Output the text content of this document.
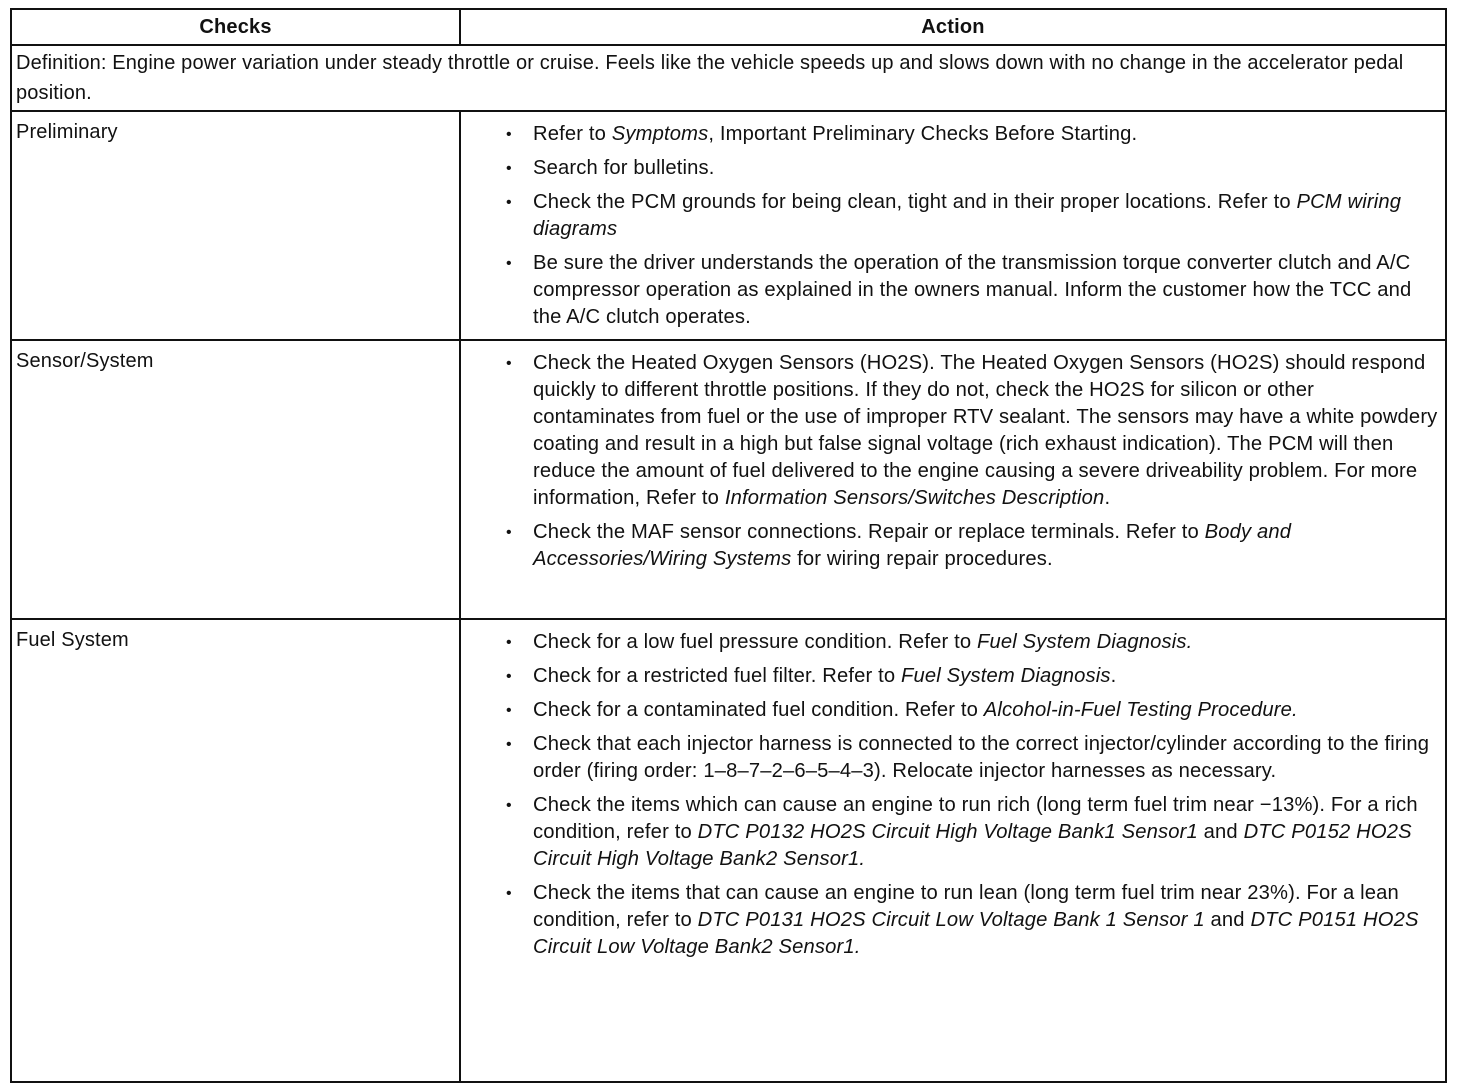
Checks	Action
Definition: Engine power variation under steady throttle or cruise. Feels like the vehicle speeds up and slows down with no change in the accelerator pedal position.	
Preliminary	• Refer to Symptoms, Important Preliminary Checks Before Starting.
• Search for bulletins.
• Check the PCM grounds for being clean, tight and in their proper locations. Refer to PCM wiring diagrams
• Be sure the driver understands the operation of the transmission torque converter clutch and A/C compressor operation as explained in the owners manual. Inform the customer how the TCC and the A/C clutch operates.

Sensor/System	• Check the Heated Oxygen Sensors (HO2S). The Heated Oxygen Sensors (HO2S) should respond quickly to different throttle positions. If they do not, check the HO2S for silicon or other contaminates from fuel or the use of improper RTV sealant. The sensors may have a white powdery coating and result in a high but false signal voltage (rich exhaust indication). The PCM will then reduce the amount of fuel delivered to the engine causing a severe driveability problem. For more information, Refer to Information Sensors/Switches Description.
• Check the MAF sensor connections. Repair or replace terminals. Refer to Body and Accessories/Wiring Systems for wiring repair procedures.

Fuel System	• Check for a low fuel pressure condition. Refer to Fuel System Diagnosis.
• Check for a restricted fuel filter. Refer to Fuel System Diagnosis.
• Check for a contaminated fuel condition. Refer to Alcohol-in-Fuel Testing Procedure.
• Check that each injector harness is connected to the correct injector/cylinder according to the firing order (firing order: 1–8–7–2–6–5–4–3). Relocate injector harnesses as necessary.
• Check the items which can cause an engine to run rich (long term fuel trim near −13%). For a rich condition, refer to DTC P0132 HO2S Circuit High Voltage Bank1 Sensor1 and DTC P0152 HO2S Circuit High Voltage Bank2 Sensor1.
• Check the items that can cause an engine to run lean (long term fuel trim near 23%). For a lean condition, refer to DTC P0131 HO2S Circuit Low Voltage Bank 1 Sensor 1 and DTC P0151 HO2S Circuit Low Voltage Bank2 Sensor1.
